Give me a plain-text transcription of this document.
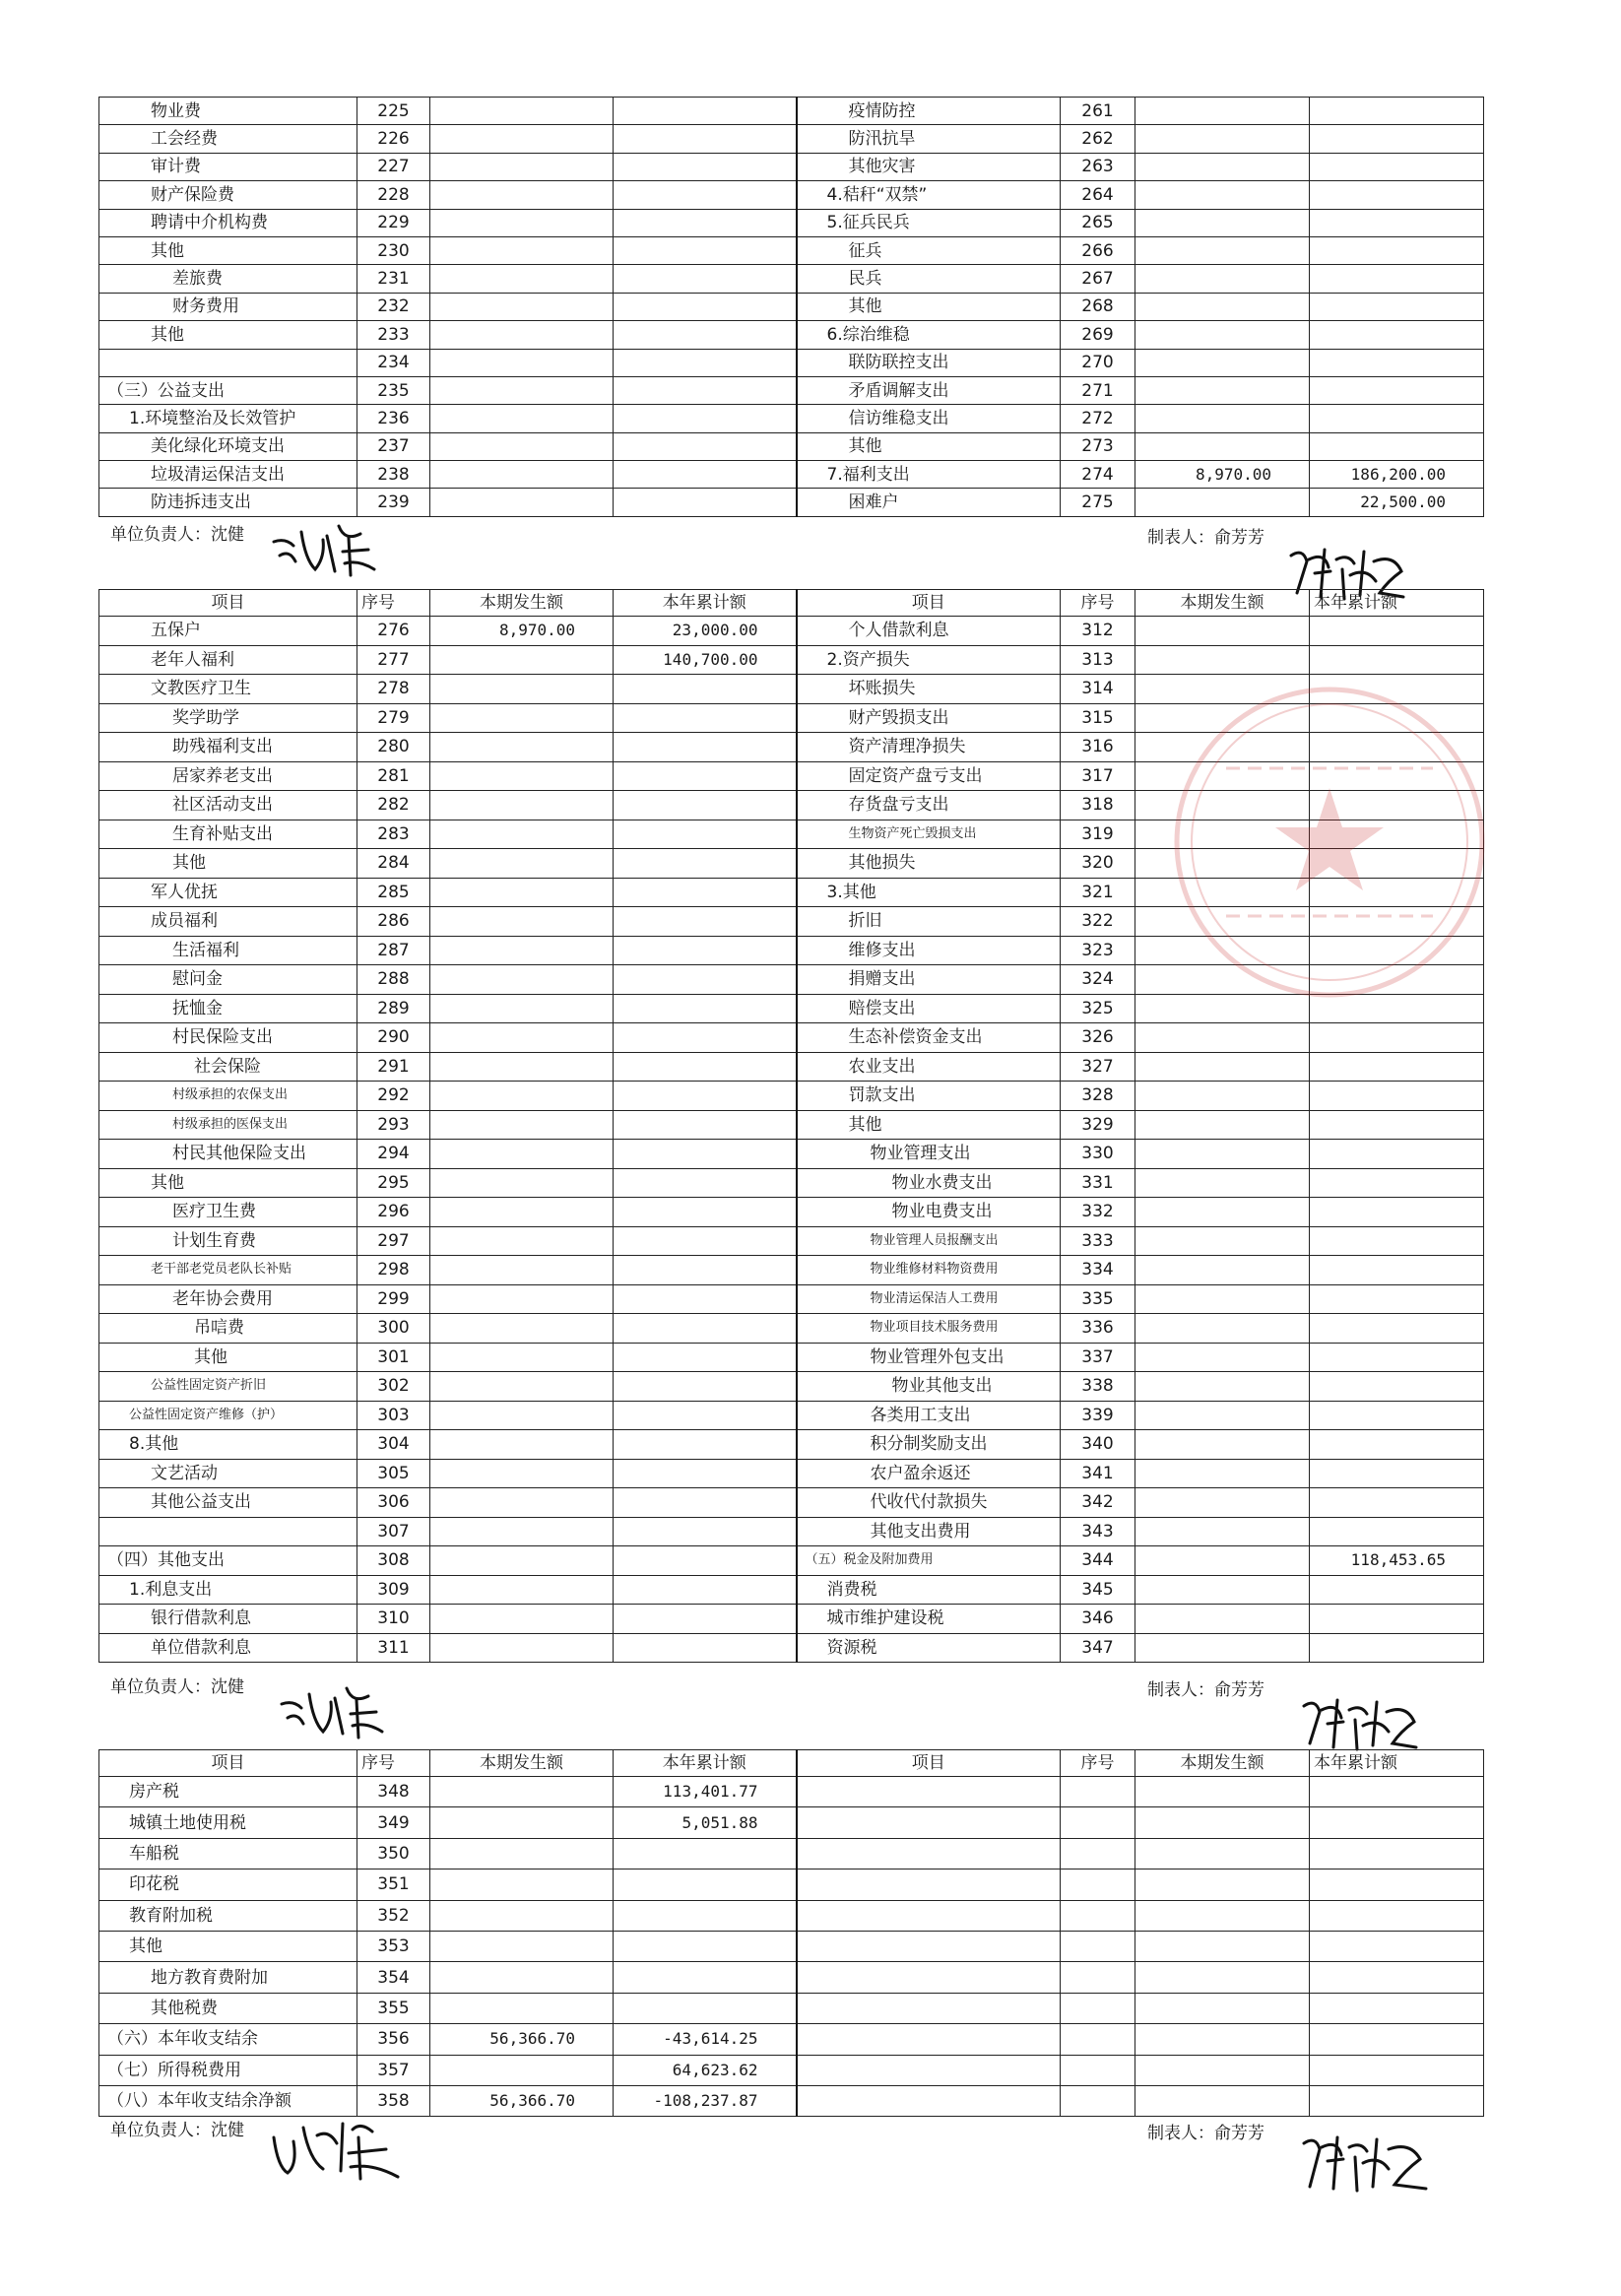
物业费	225				疫情防控	261		
工会经费	226				防汛抗旱	262		
审计费	227				其他灾害	263		
财产保险费	228				4.秸秆“双禁”	264		
聘请中介机构费	229				5.征兵民兵	265		
其他	230				征兵	266		
差旅费	231				民兵	267		
财务费用	232				其他	268		
其他	233				6.综治维稳	269		
	234				联防联控支出	270		
（三）公益支出	235				矛盾调解支出	271		
1.环境整治及长效管护	236				信访维稳支出	272		
美化绿化环境支出	237				其他	273		
垃圾清运保洁支出	238				7.福利支出	274	8,970.00	186,200.00
防违拆违支出	239				困难户	275		22,500.00
单位负责人：沈健	制表人：俞芳芳
项目	序号	本期发生额	本年累计额		项目	序号	本期发生额	本年累计额
五保户	276	8,970.00	23,000.00		个人借款利息	312		
老年人福利	277		140,700.00		2.资产损失	313		
文教医疗卫生	278				坏账损失	314		
奖学助学	279				财产毁损支出	315		
助残福利支出	280				资产清理净损失	316		
居家养老支出	281				固定资产盘亏支出	317		
社区活动支出	282				存货盘亏支出	318		
生育补贴支出	283				生物资产死亡毁损支出	319		
其他	284				其他损失	320		
军人优抚	285				3.其他	321		
成员福利	286				折旧	322		
生活福利	287				维修支出	323		
慰问金	288				捐赠支出	324		
抚恤金	289				赔偿支出	325		
村民保险支出	290				生态补偿资金支出	326		
社会保险	291				农业支出	327		
村级承担的农保支出	292				罚款支出	328		
村级承担的医保支出	293				其他	329		
村民其他保险支出	294				物业管理支出	330		
其他	295				物业水费支出	331		
医疗卫生费	296				物业电费支出	332		
计划生育费	297				物业管理人员报酬支出	333		
老干部老党员老队长补贴	298				物业维修材料物资费用	334		
老年协会费用	299				物业清运保洁人工费用	335		
吊唁费	300				物业项目技术服务费用	336		
其他	301				物业管理外包支出	337		
公益性固定资产折旧	302				物业其他支出	338		
公益性固定资产维修（护）	303				各类用工支出	339		
8.其他	304				积分制奖励支出	340		
文艺活动	305				农户盈余返还	341		
其他公益支出	306				代收代付款损失	342		
	307				其他支出费用	343		
（四）其他支出	308				（五）税金及附加费用	344		118,453.65
1.利息支出	309				消费税	345		
银行借款利息	310				城市维护建设税	346		
单位借款利息	311				资源税	347		
单位负责人：沈健	制表人：俞芳芳
项目	序号	本期发生额	本年累计额		项目	序号	本期发生额	本年累计额
房产税	348		113,401.77					
城镇土地使用税	349		5,051.88					
车船税	350							
印花税	351							
教育附加税	352							
其他	353							
地方教育费附加	354							
其他税费	355							
（六）本年收支结余	356	56,366.70	-43,614.25					
（七）所得税费用	357		64,623.62					
（八）本年收支结余净额	358	56,366.70	-108,237.87					
单位负责人：沈健	制表人：俞芳芳
